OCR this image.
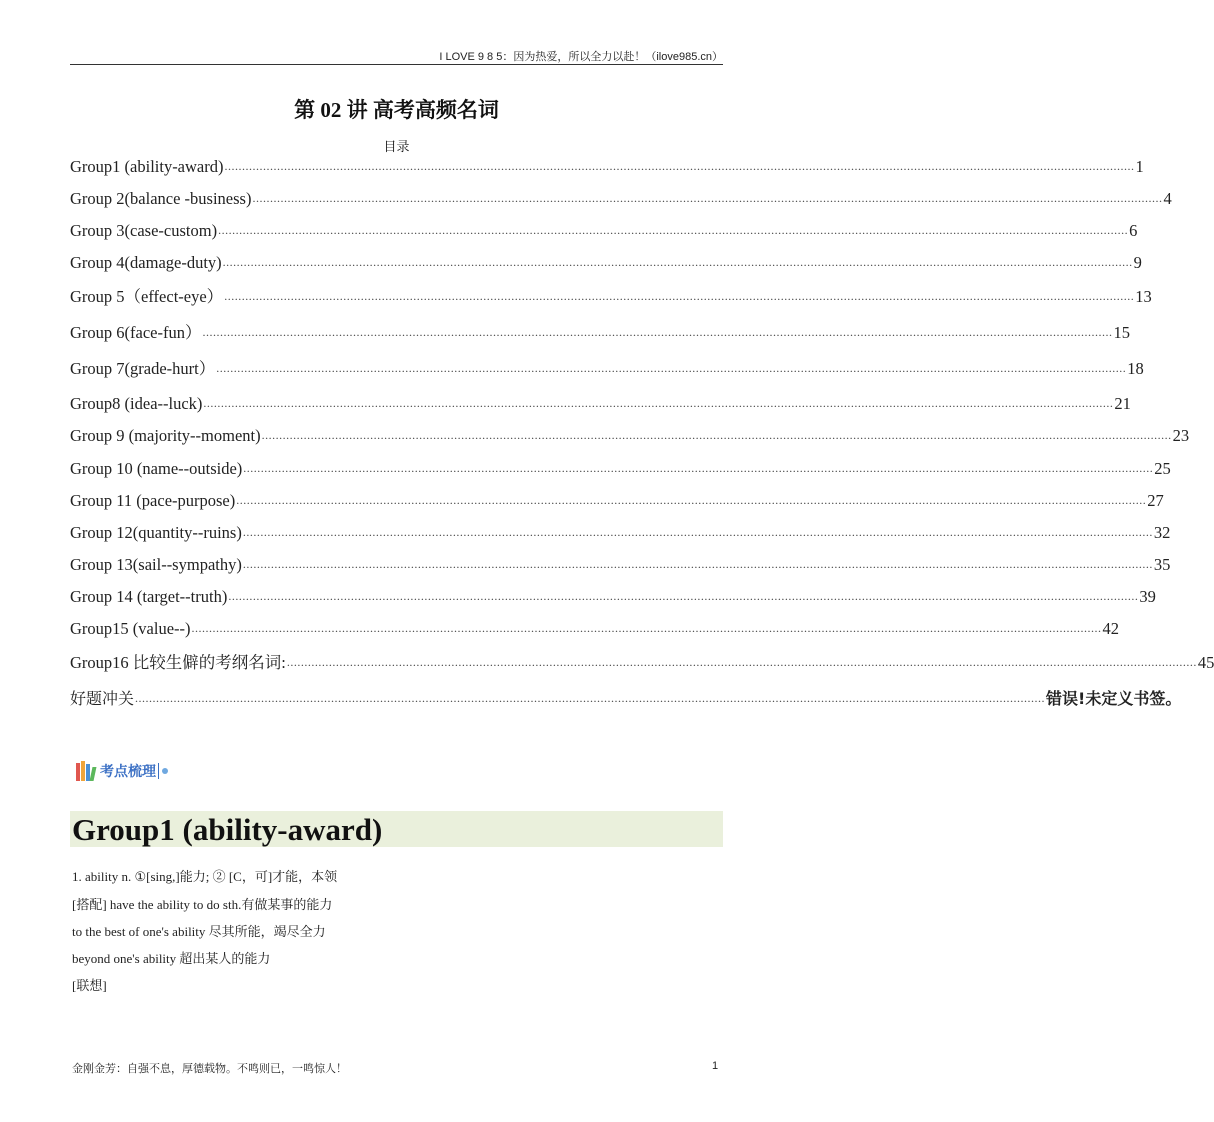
I LOVE 9 8 5：因为热爱，所以全力以赴！（ilove985.cn）
第 02 讲 高考高频名词
目录
Group1 (ability-award) .................................................................................................................................................................................................................................................................... 1
Group 2(balance -business) .................................................................................................................................................................................................................................................................... 4
Group 3(case-custom) .................................................................................................................................................................................................................................................................... 6
Group 4(damage-duty) .................................................................................................................................................................................................................................................................... 9
Group 5（effect-eye） .................................................................................................................................................................................................................................................................... 13
Group 6(face-fun） .................................................................................................................................................................................................................................................................... 15
Group 7(grade-hurt） .................................................................................................................................................................................................................................................................... 18
Group8 (idea--luck) .................................................................................................................................................................................................................................................................... 21
Group 9 (majority--moment) .................................................................................................................................................................................................................................................................... 23
Group 10 (name--outside) .................................................................................................................................................................................................................................................................... 25
Group 11 (pace-purpose) .................................................................................................................................................................................................................................................................... 27
Group 12(quantity--ruins) .................................................................................................................................................................................................................................................................... 32
Group 13(sail--sympathy) .................................................................................................................................................................................................................................................................... 35
Group 14 (target--truth) .................................................................................................................................................................................................................................................................... 39
Group15 (value--) .................................................................................................................................................................................................................................................................... 42
Group16 比较生僻的考纲名词: .................................................................................................................................................................................................................................................................... 45
好题冲关 .................................................................................................................................................................................................................................................................... 错误!未定义书签。
考点梳理
Group1 (ability-award)
1. ability n. ①[sing,]能力; ② [C，可]才能，本领
[搭配] have the ability to do sth.有做某事的能力
to the best of one's ability 尽其所能，竭尽全力
beyond one's ability 超出某人的能力
[联想]
金刚金芳：自强不息，厚德载物。不鸣则已，一鸣惊人！	1
